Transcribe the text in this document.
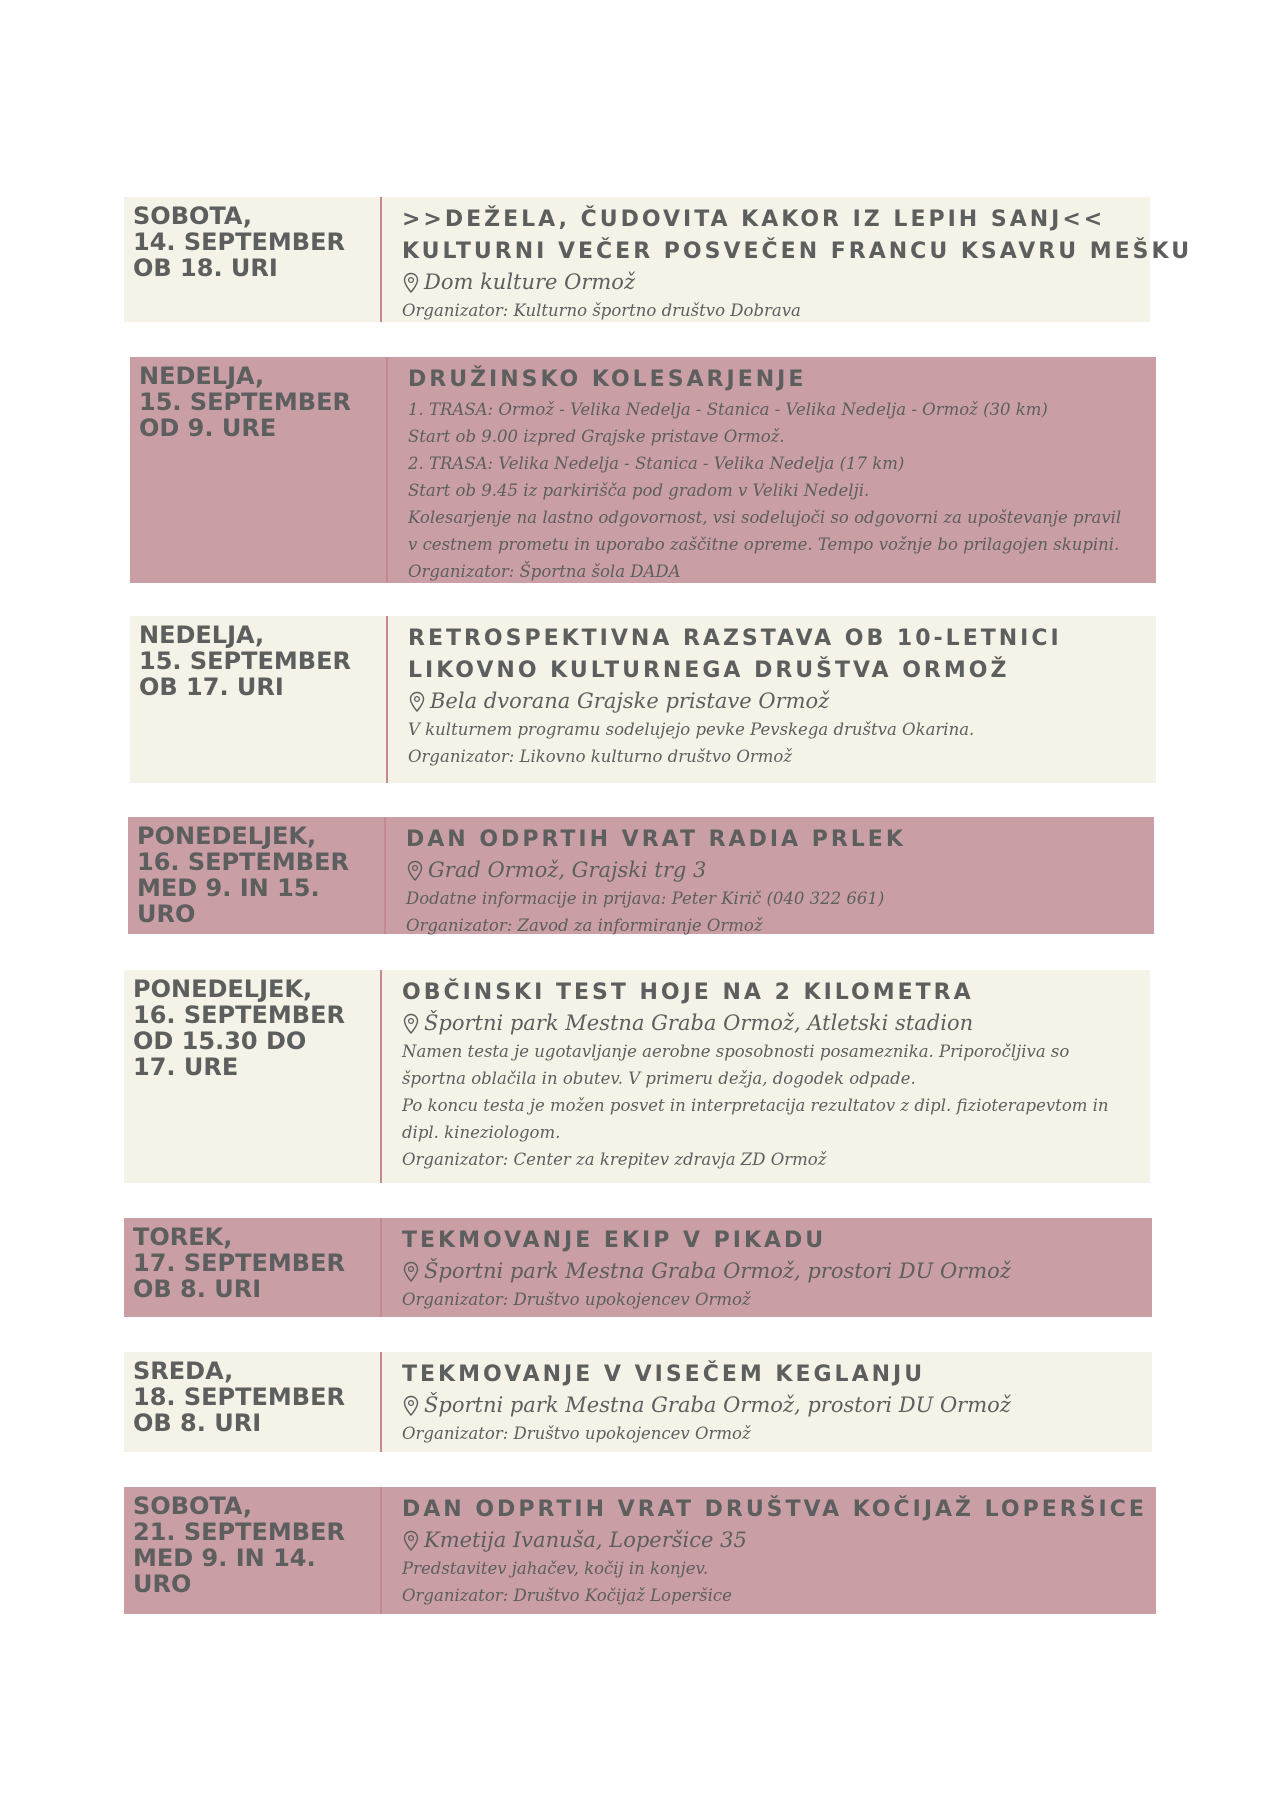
SOBOTA,
14. SEPTEMBER
OB 18. URI
>>DEŽELA, ČUDOVITA KAKOR IZ LEPIH SANJ<<
KULTURNI VEČER POSVEČEN FRANCU KSAVRU MEŠKU
Dom kulture Ormož
Organizator: Kulturno športno društvo Dobrava
NEDELJA,
15. SEPTEMBER
OD 9. URE
DRUŽINSKO KOLESARJENJE
1. TRASA: Ormož - Velika Nedelja - Stanica - Velika Nedelja - Ormož (30 km)
Start ob 9.00 izpred Grajske pristave Ormož.
2. TRASA: Velika Nedelja - Stanica - Velika Nedelja (17 km)
Start ob 9.45 iz parkirišča pod gradom v Veliki Nedelji.
Kolesarjenje na lastno odgovornost, vsi sodelujoči so odgovorni za upoštevanje pravil
v cestnem prometu in uporabo zaščitne opreme. Tempo vožnje bo prilagojen skupini.
Organizator: Športna šola DADA
NEDELJA,
15. SEPTEMBER
OB 17. URI
RETROSPEKTIVNA RAZSTAVA OB 10-LETNICI
LIKOVNO KULTURNEGA DRUŠTVA ORMOŽ
Bela dvorana Grajske pristave Ormož
V kulturnem programu sodelujejo pevke Pevskega društva Okarina.
Organizator: Likovno kulturno društvo Ormož
PONEDELJEK,
16. SEPTEMBER
MED 9. IN 15. URO
DAN ODPRTIH VRAT RADIA PRLEK
Grad Ormož, Grajski trg 3
Dodatne informacije in prijava: Peter Kirič (040 322 661)
Organizator: Zavod za informiranje Ormož
PONEDELJEK,
16. SEPTEMBER
OD 15.30 DO
17. URE
OBČINSKI TEST HOJE NA 2 KILOMETRA
Športni park Mestna Graba Ormož, Atletski stadion
Namen testa je ugotavljanje aerobne sposobnosti posameznika. Priporočljiva so
športna oblačila in obutev. V primeru dežja, dogodek odpade.
Po koncu testa je možen posvet in interpretacija rezultatov z dipl. fizioterapevtom in
dipl. kineziologom.
Organizator: Center za krepitev zdravja ZD Ormož
TOREK,
17. SEPTEMBER
OB 8. URI
TEKMOVANJE EKIP V PIKADU
Športni park Mestna Graba Ormož, prostori DU Ormož
Organizator: Društvo upokojencev Ormož
SREDA,
18. SEPTEMBER
OB 8. URI
TEKMOVANJE V VISEČEM KEGLANJU
Športni park Mestna Graba Ormož, prostori DU Ormož
Organizator: Društvo upokojencev Ormož
SOBOTA,
21. SEPTEMBER
MED 9. IN 14. URO
DAN ODPRTIH VRAT DRUŠTVA KOČIJAŽ LOPERŠICE
Kmetija Ivanuša, Loperšice 35
Predstavitev jahačev, kočij in konjev.
Organizator: Društvo Kočijaž Loperšice
